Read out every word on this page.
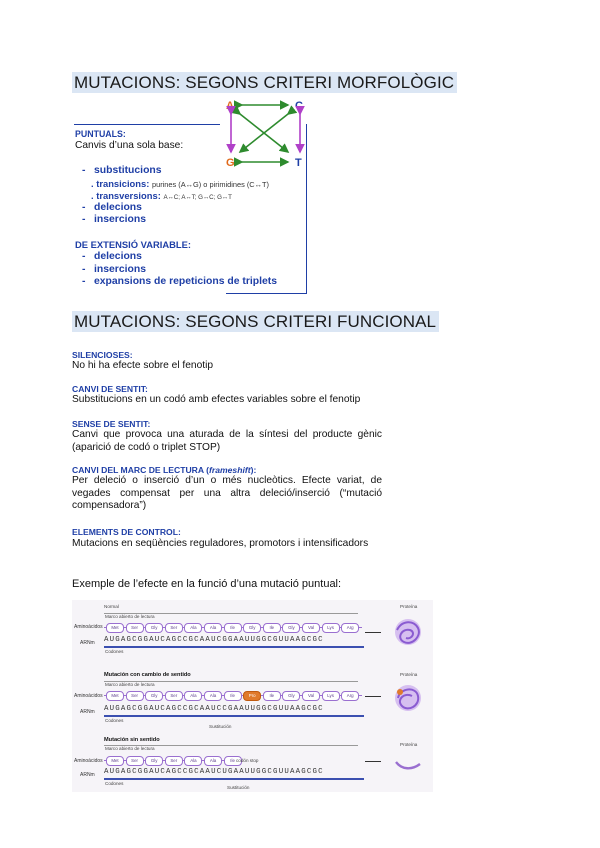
MUTACIONS: SEGONS CRITERI MORFOLÒGIC
A	C
G	T
PUNTUALS:
Canvis d’una sola base:
- substitucions
. transicions: purines (A↔G) o pirimidines (C↔T)
. transversions: A↔C; A↔T; G↔C; G↔T
- delecions
- insercions
DE EXTENSIÓ VARIABLE:
- delecions
- insercions
- expansions de repeticions de triplets
MUTACIONS: SEGONS CRITERI FUNCIONAL
SILENCIOSES:
No hi ha efecte sobre el fenotip
CANVI DE SENTIT:
Substitucions en un codó amb efectes variables sobre el fenotip
SENSE DE SENTIT:
Canvi que provoca una aturada de la síntesi del producte gènic (aparició de codó o triplet STOP)
CANVI DEL MARC DE LECTURA (frameshift):
Per deleció o inserció d’un o més nucleòtics. Efecte variat, de vegades compensat per una altra deleció/inserció (“mutació compensadora”)
ELEMENTS DE CONTROL:
Mutacions en seqüències reguladores, promotors i intensificadors
Exemple de l’efecte en la funció d’una mutació puntual:
Normal
Marco abierto de lectura
Aminoácidos	Met	Ser	Gly	Ser	Ala	Ala	Ile	Gly	Ile	Gly	Val	Lys	Arg
ARNm AUGAGCGGAUCAGCCGCAAUCGGAAUUGGCGUUAAGCGC
Codones
Proteína
Mutación con cambio de sentido
Marco abierto de lectura
Aminoácidos	Met	Ser	Gly	Ser	Ala	Ala	Ile	Pro	Ile	Gly	Val	Lys	Arg
ARNm AUGAGCGGAUCAGCCGCAAUCCGAAUUGGCGUUAAGCGC
Codones
Sustitución
Proteína
Mutación sin sentido
Marco abierto de lectura
Aminoácidos	Met	Ser	Gly	Ser	Ala	Ala	Ile codón stop
ARNm AUGAGCGGAUCAGCCGCAAUCUGAAUUGGCGUUAAGCGC
Codones
Sustitución
Proteína
